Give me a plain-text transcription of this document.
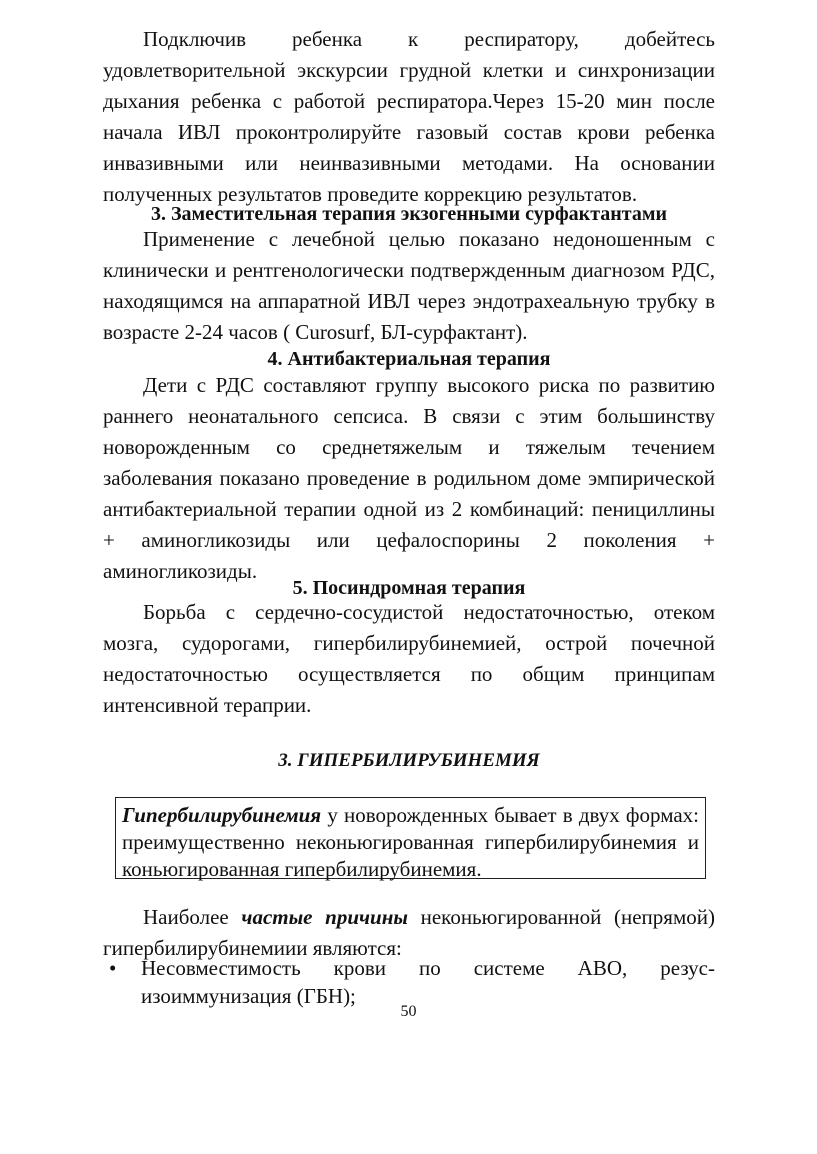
Подключив ребенка к респиратору, добейтесь удовлетворительной экскурсии грудной клетки и синхронизации дыхания ребенка с работой респиратора.Через 15-20 мин после начала ИВЛ проконтролируйте газовый состав крови ребенка инвазивными или неинвазивными методами. На основании полученных результатов проведите коррекцию результатов.

3. Заместительная терапия экзогенными сурфактантами

Применение с лечебной целью показано недоношенным с клинически и рентгенологически подтвержденным диагнозом РДС, находящимся на аппаратной ИВЛ через эндотрахеальную трубку в возрасте 2-24 часов ( Curosurf, БЛ-сурфактант).

4. Антибактериальная терапия

Дети с РДС составляют группу высокого риска по развитию раннего неонатального сепсиса. В связи с этим большинству новорожденным со среднетяжелым и тяжелым течением заболевания показано проведение в родильном доме эмпирической антибактериальной терапии одной из 2 комбинаций: пенициллины + аминогликозиды или цефалоспорины 2 поколения + аминогликозиды.

5. Посиндромная терапия

Борьба с сердечно-сосудистой недостаточностью, отеком мозга, судорогами, гипербилирубинемией, острой почечной недостаточностью осуществляется по общим принципам интенсивной тераприи.

3. ГИПЕРБИЛИРУБИНЕМИЯ

Гипербилирубинемия у новорожденных бывает в двух формах: преимущественно неконьюгированная гипербилирубинемия и коньюгированная гипербилирубинемия.

Наиболее частые причины неконьюгированной (непрямой) гипербилирубинемиии являются:

• Несовместимость крови по системе АВО, резус-изоиммунизация (ГБН);
50
